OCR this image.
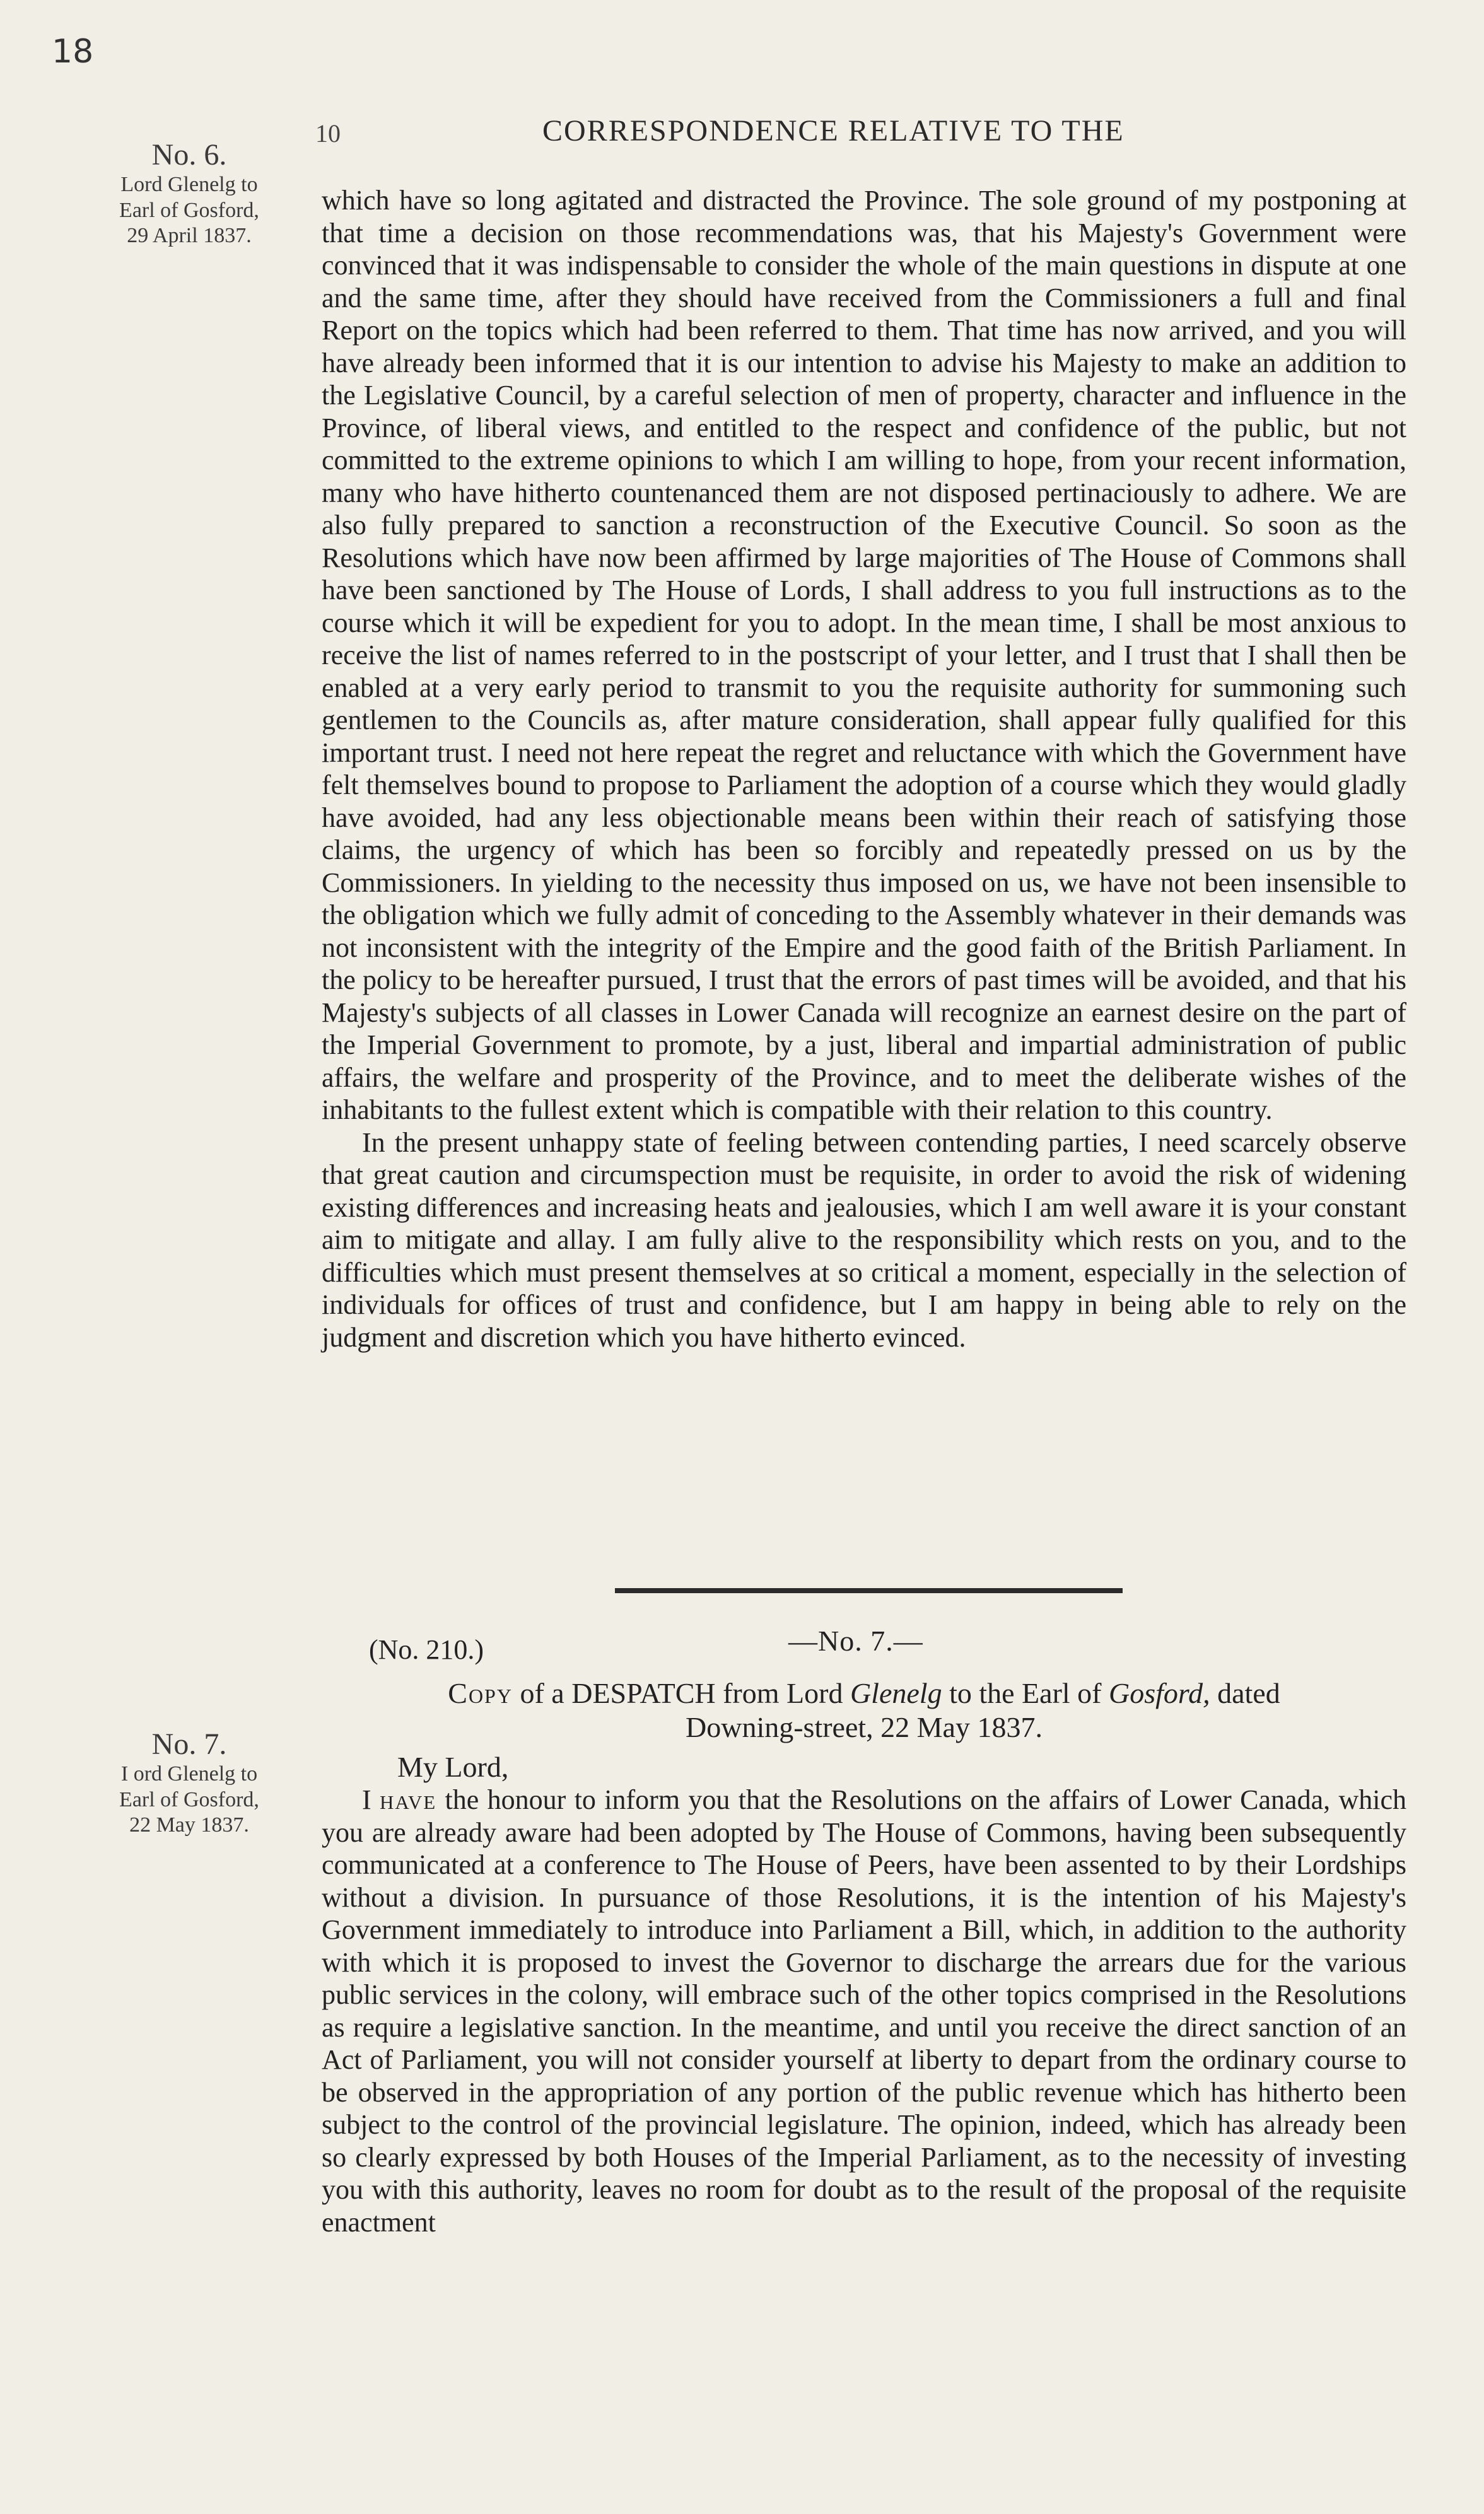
18
10	CORRESPONDENCE RELATIVE TO THE
No. 6.
Lord Glenelg to
Earl of Gosford,
29 April 1837.

which have so long agitated and distracted the Province. The sole ground of my postponing at that time a decision on those recommendations was, that his Majesty's Government were convinced that it was indispensable to consider the whole of the main questions in dispute at one and the same time, after they should have received from the Commissioners a full and final Report on the topics which had been referred to them. That time has now arrived, and you will have already been informed that it is our intention to advise his Majesty to make an addition to the Legislative Council, by a careful selection of men of property, character and influence in the Province, of liberal views, and entitled to the respect and confidence of the public, but not committed to the extreme opinions to which I am willing to hope, from your recent information, many who have hitherto countenanced them are not disposed pertinaciously to adhere. We are also fully prepared to sanction a reconstruction of the Executive Council. So soon as the Resolutions which have now been affirmed by large majorities of The House of Commons shall have been sanctioned by The House of Lords, I shall address to you full instructions as to the course which it will be expedient for you to adopt. In the mean time, I shall be most anxious to receive the list of names referred to in the postscript of your letter, and I trust that I shall then be enabled at a very early period to transmit to you the requisite authority for summoning such gentlemen to the Councils as, after mature consideration, shall appear fully qualified for this important trust. I need not here repeat the regret and reluctance with which the Government have felt themselves bound to propose to Parliament the adoption of a course which they would gladly have avoided, had any less objectionable means been within their reach of satisfying those claims, the urgency of which has been so forcibly and repeatedly pressed on us by the Commissioners. In yielding to the necessity thus imposed on us, we have not been insensible to the obligation which we fully admit of conceding to the Assembly whatever in their demands was not inconsistent with the integrity of the Empire and the good faith of the British Parliament. In the policy to be hereafter pursued, I trust that the errors of past times will be avoided, and that his Majesty's subjects of all classes in Lower Canada will recognize an earnest desire on the part of the Imperial Government to promote, by a just, liberal and impartial administration of public affairs, the welfare and prosperity of the Province, and to meet the deliberate wishes of the inhabitants to the fullest extent which is compatible with their relation to this country.

In the present unhappy state of feeling between contending parties, I need scarcely observe that great caution and circumspection must be requisite, in order to avoid the risk of widening existing differences and increasing heats and jealousies, which I am well aware it is your constant aim to mitigate and allay. I am fully alive to the responsibility which rests on you, and to the difficulties which must present themselves at so critical a moment, especially in the selection of individuals for offices of trust and confidence, but I am happy in being able to rely on the judgment and discretion which you have hitherto evinced.

(No. 210.)	—No. 7.—
Copy of a DESPATCH from Lord Glenelg to the Earl of Gosford, dated
Downing-street, 22 May 1837.
My Lord,
No. 7.
I ord Glenelg to
Earl of Gosford,
22 May 1837.

I have the honour to inform you that the Resolutions on the affairs of Lower Canada, which you are already aware had been adopted by The House of Commons, having been subsequently communicated at a conference to The House of Peers, have been assented to by their Lordships without a division. In pursuance of those Resolutions, it is the intention of his Majesty's Government immediately to introduce into Parliament a Bill, which, in addition to the authority with which it is proposed to invest the Governor to discharge the arrears due for the various public services in the colony, will embrace such of the other topics comprised in the Resolutions as require a legislative sanction. In the meantime, and until you receive the direct sanction of an Act of Parliament, you will not consider yourself at liberty to depart from the ordinary course to be observed in the appropriation of any portion of the public revenue which has hitherto been subject to the control of the provincial legislature. The opinion, indeed, which has already been so clearly expressed by both Houses of the Imperial Parliament, as to the necessity of investing you with this authority, leaves no room for doubt as to the result of the proposal of the requisite enactment
